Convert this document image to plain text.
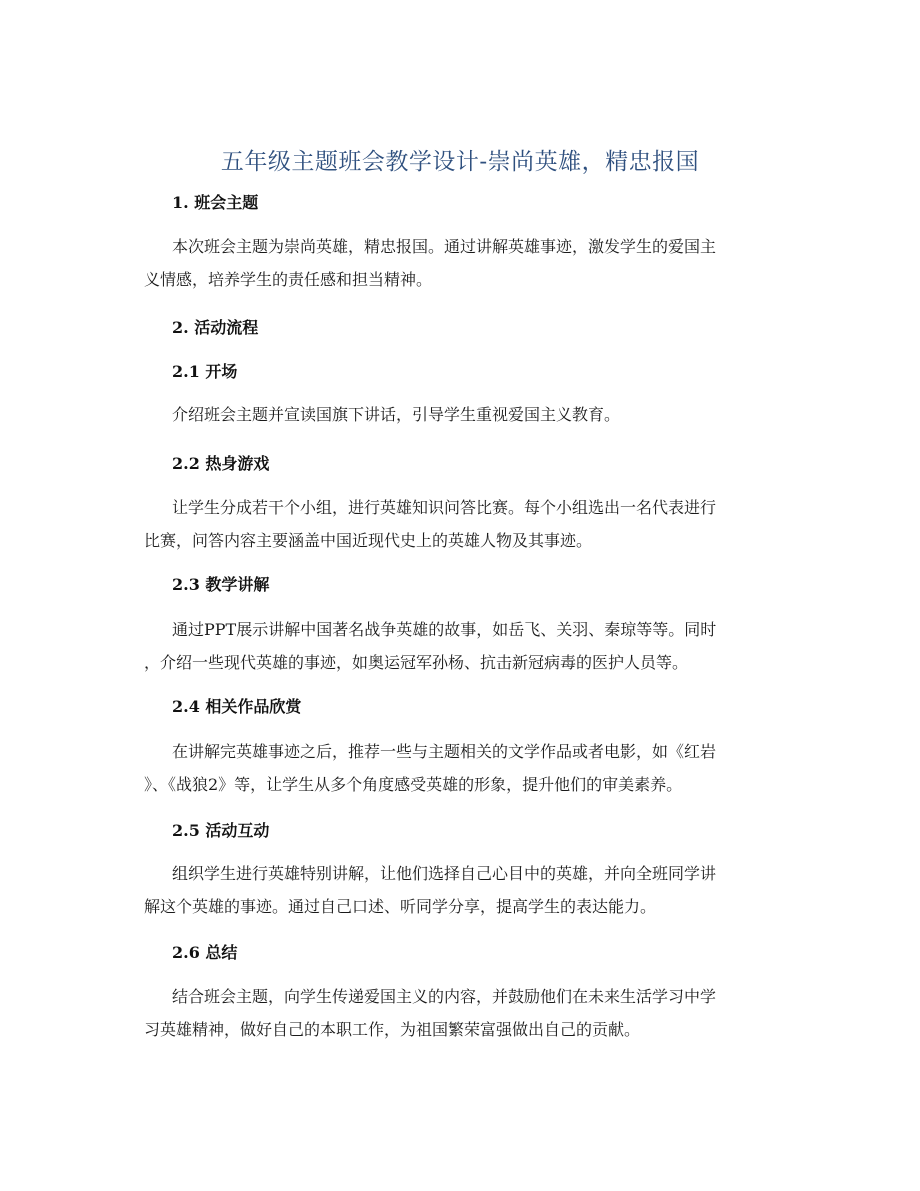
五年级主题班会教学设计-崇尚英雄，精忠报国
1. 班会主题
本次班会主题为崇尚英雄，精忠报国。通过讲解英雄事迹，激发学生的爱国主
义情感，培养学生的责任感和担当精神。
2. 活动流程
2.1 开场
介绍班会主题并宣读国旗下讲话，引导学生重视爱国主义教育。
2.2 热身游戏
让学生分成若干个小组，进行英雄知识问答比赛。每个小组选出一名代表进行
比赛，问答内容主要涵盖中国近现代史上的英雄人物及其事迹。
2.3 教学讲解
通过PPT展示讲解中国著名战争英雄的故事，如岳飞、关羽、秦琼等等。同时
，介绍一些现代英雄的事迹，如奥运冠军孙杨、抗击新冠病毒的医护人员等。
2.4 相关作品欣赏
在讲解完英雄事迹之后，推荐一些与主题相关的文学作品或者电影，如《红岩
》、《战狼2》等，让学生从多个角度感受英雄的形象，提升他们的审美素养。
2.5 活动互动
组织学生进行英雄特别讲解，让他们选择自己心目中的英雄，并向全班同学讲
解这个英雄的事迹。通过自己口述、听同学分享，提高学生的表达能力。
2.6 总结
结合班会主题，向学生传递爱国主义的内容，并鼓励他们在未来生活学习中学
习英雄精神，做好自己的本职工作，为祖国繁荣富强做出自己的贡献。
